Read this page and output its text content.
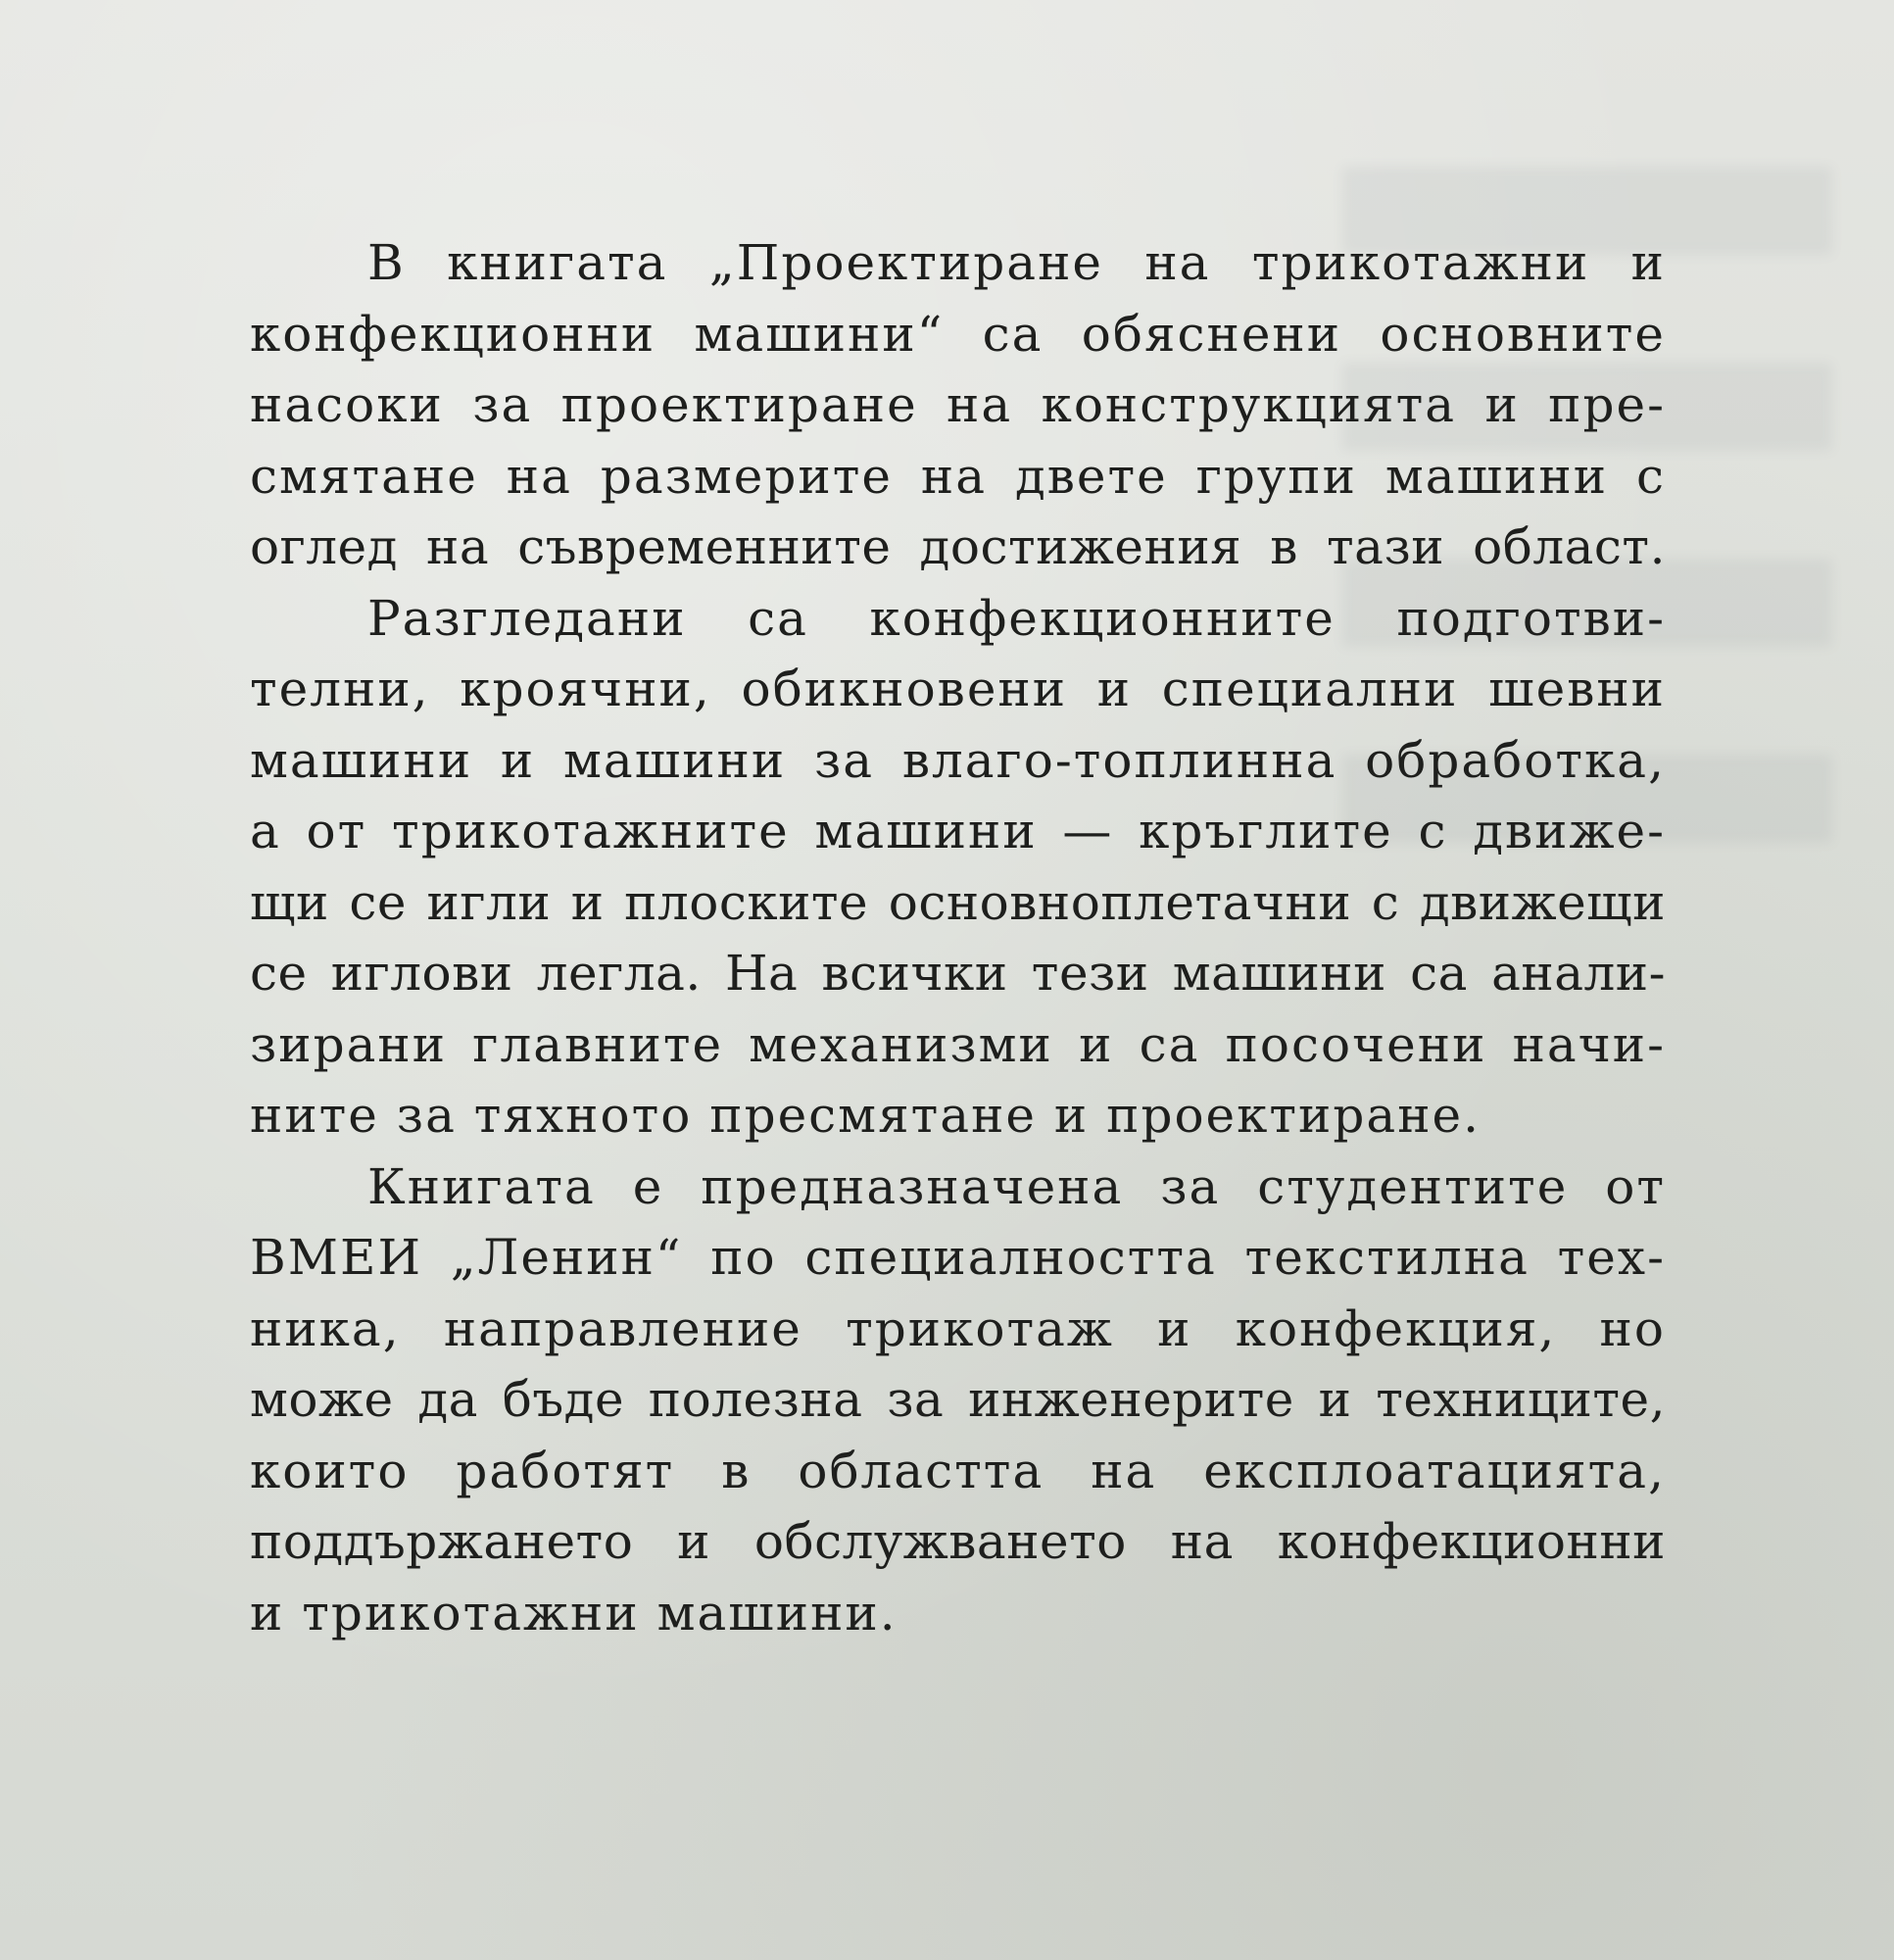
В книгата „Проектиране на трикотажни и
конфекционни машини“ са обяснени основните
насоки за проектиране на конструкцията и пре-
смятане на размерите на двете групи машини с
оглед на съвременните достижения в тази област.
Разгледани са конфекционните подготви-
телни, кроячни, обикновени и специални шевни
машини и машини за влаго-топлинна обработка,
а от трикотажните машини — кръглите с движе-
щи се игли и плоските основноплетачни с движещи
се иглови легла. На всички тези машини са анали-
зирани главните механизми и са посочени начи-
ните за тяхното пресмятане и проектиране.
Книгата е предназначена за студентите от
ВМЕИ „Ленин“ по специалността текстилна тех-
ника, направление трикотаж и конфекция, но
може да бъде полезна за инженерите и техниците,
които работят в областта на експлоатацията,
поддържането и обслужването на конфекционни
и трикотажни машини.
